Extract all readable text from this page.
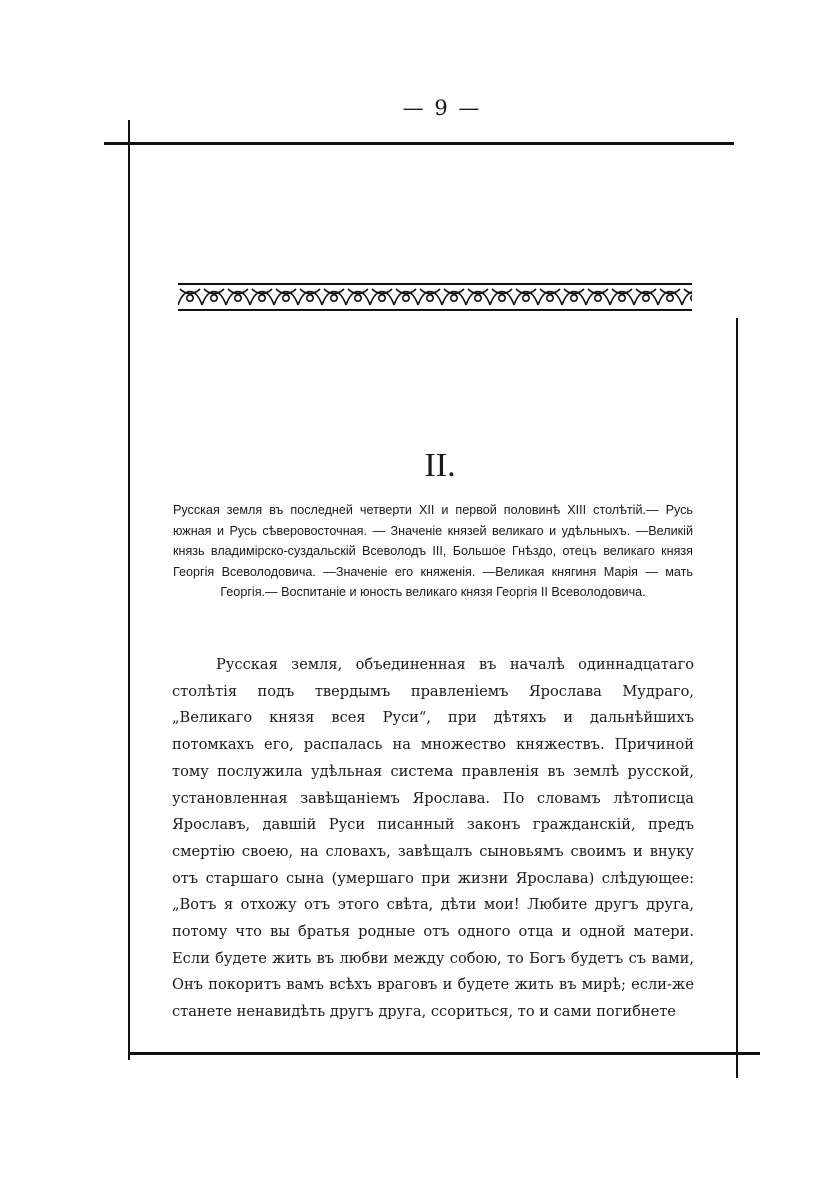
— 9 —
II.
Русская земля въ последней четверти XII и первой половинѣ XIII столѣтій.— Русь южная и Русь сѣверовосточная. — Значеніе князей великаго и удѣльныхъ. —Великій князь владимірско-суздальскій Всеволодъ III, Большое Гнѣздо, отецъ великаго князя Георгія Всеволодовича. —Значеніе его княженія. —Великая княгиня Марія — мать Георгія.— Воспитаніе и юность великаго князя Георгія II Всеволодовича.

Русская земля, объединенная въ началѣ одиннадцатаго столѣтія подъ твердымъ правленіемъ Ярослава Мудраго, „Великаго князя всея Руси“, при дѣтяхъ и дальнѣйшихъ потомкахъ его, распалась на множество княжествъ. Причиной тому послужила удѣльная система правленія въ землѣ русской, установленная завѣщаніемъ Ярослава. По словамъ лѣтописца Ярославъ, давшій Руси писанный законъ гражданскій, предъ смертію своею, на словахъ, завѣщалъ сыновьямъ своимъ и внуку отъ старшаго сына (умершаго при жизни Ярослава) слѣдующее: „Вотъ я отхожу отъ этого свѣта, дѣти мои! Любите другъ друга, потому что вы братья родные отъ одного отца и одной матери. Если будете жить въ любви между собою, то Богъ будетъ съ вами, Онъ покоритъ вамъ всѣхъ враговъ и будете жить въ мирѣ; если-же станете ненавидѣть другъ друга, ссориться, то и сами погибнете
